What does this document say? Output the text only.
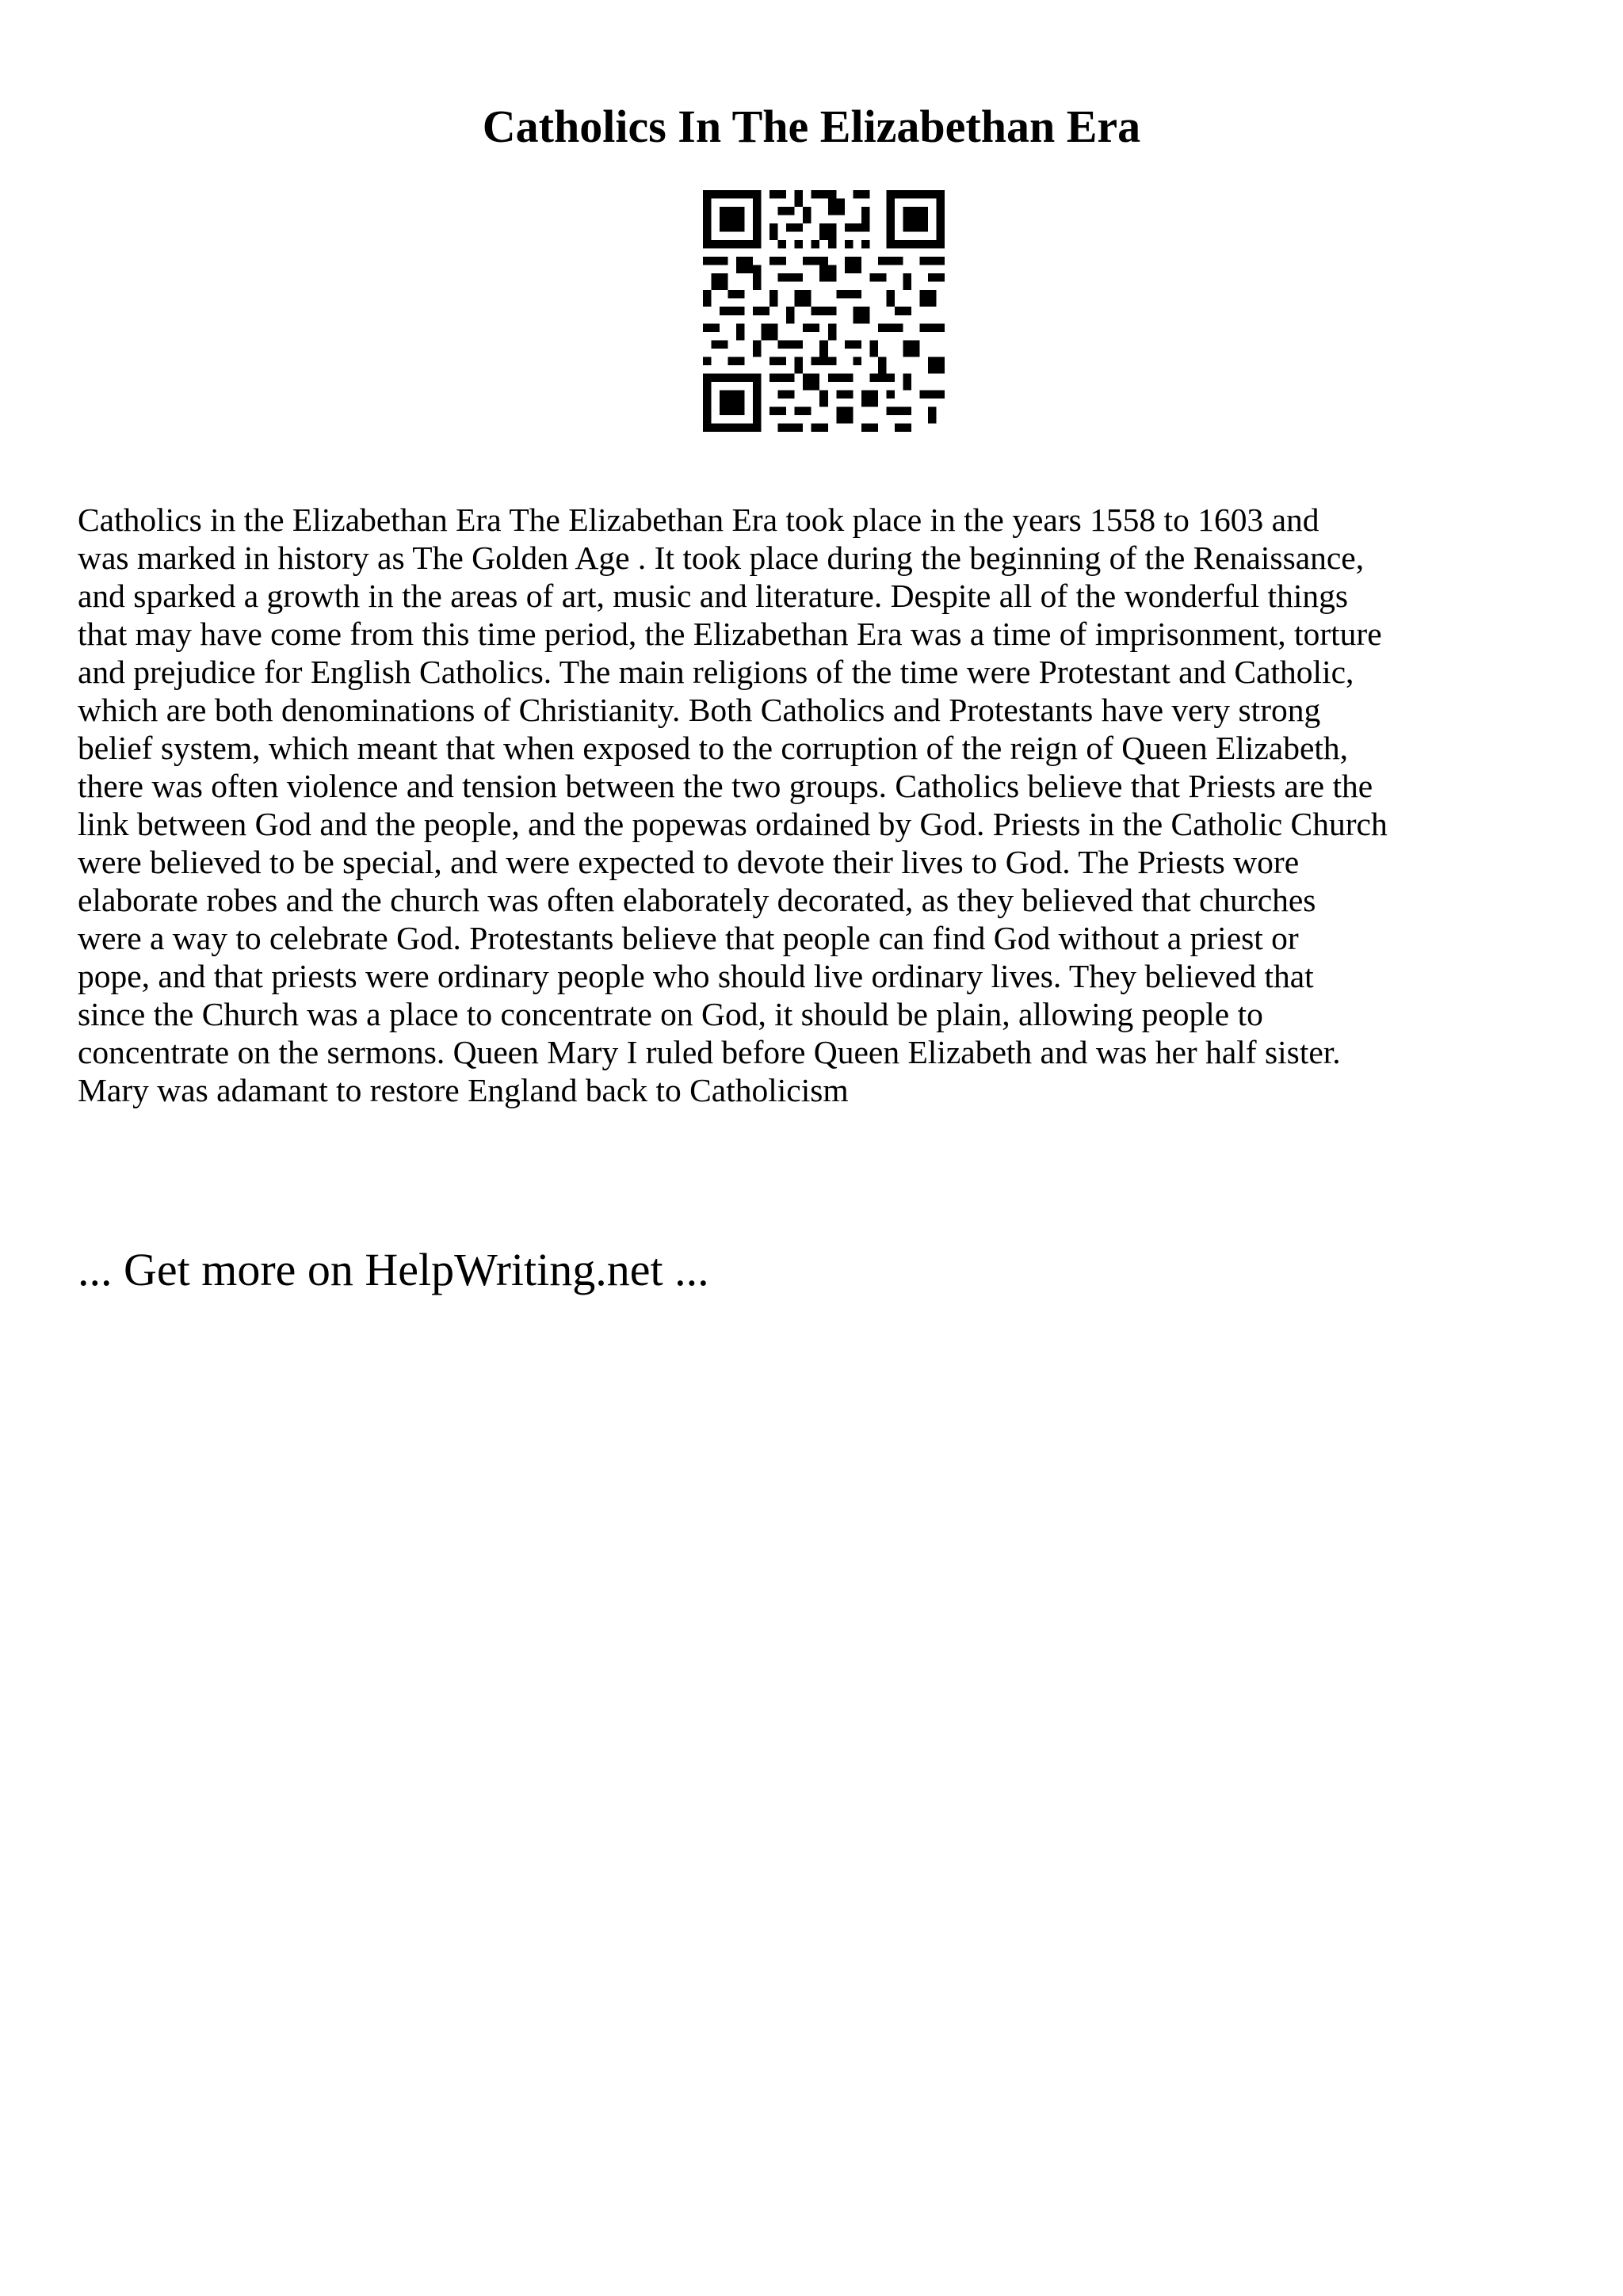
Catholics In The Elizabethan Era
Catholics in the Elizabethan Era The Elizabethan Era took place in the years 1558 to 1603 and
was marked in history as The Golden Age . It took place during the beginning of the Renaissance,
and sparked a growth in the areas of art, music and literature. Despite all of the wonderful things
that may have come from this time period, the Elizabethan Era was a time of imprisonment, torture
and prejudice for English Catholics. The main religions of the time were Protestant and Catholic,
which are both denominations of Christianity. Both Catholics and Protestants have very strong
belief system, which meant that when exposed to the corruption of the reign of Queen Elizabeth,
there was often violence and tension between the two groups. Catholics believe that Priests are the
link between God and the people, and the popewas ordained by God. Priests in the Catholic Church
were believed to be special, and were expected to devote their lives to God. The Priests wore
elaborate robes and the church was often elaborately decorated, as they believed that churches
were a way to celebrate God. Protestants believe that people can find God without a priest or
pope, and that priests were ordinary people who should live ordinary lives. They believed that
since the Church was a place to concentrate on God, it should be plain, allowing people to
concentrate on the sermons. Queen Mary I ruled before Queen Elizabeth and was her half sister.
Mary was adamant to restore England back to Catholicism

... Get more on HelpWriting.net ...
